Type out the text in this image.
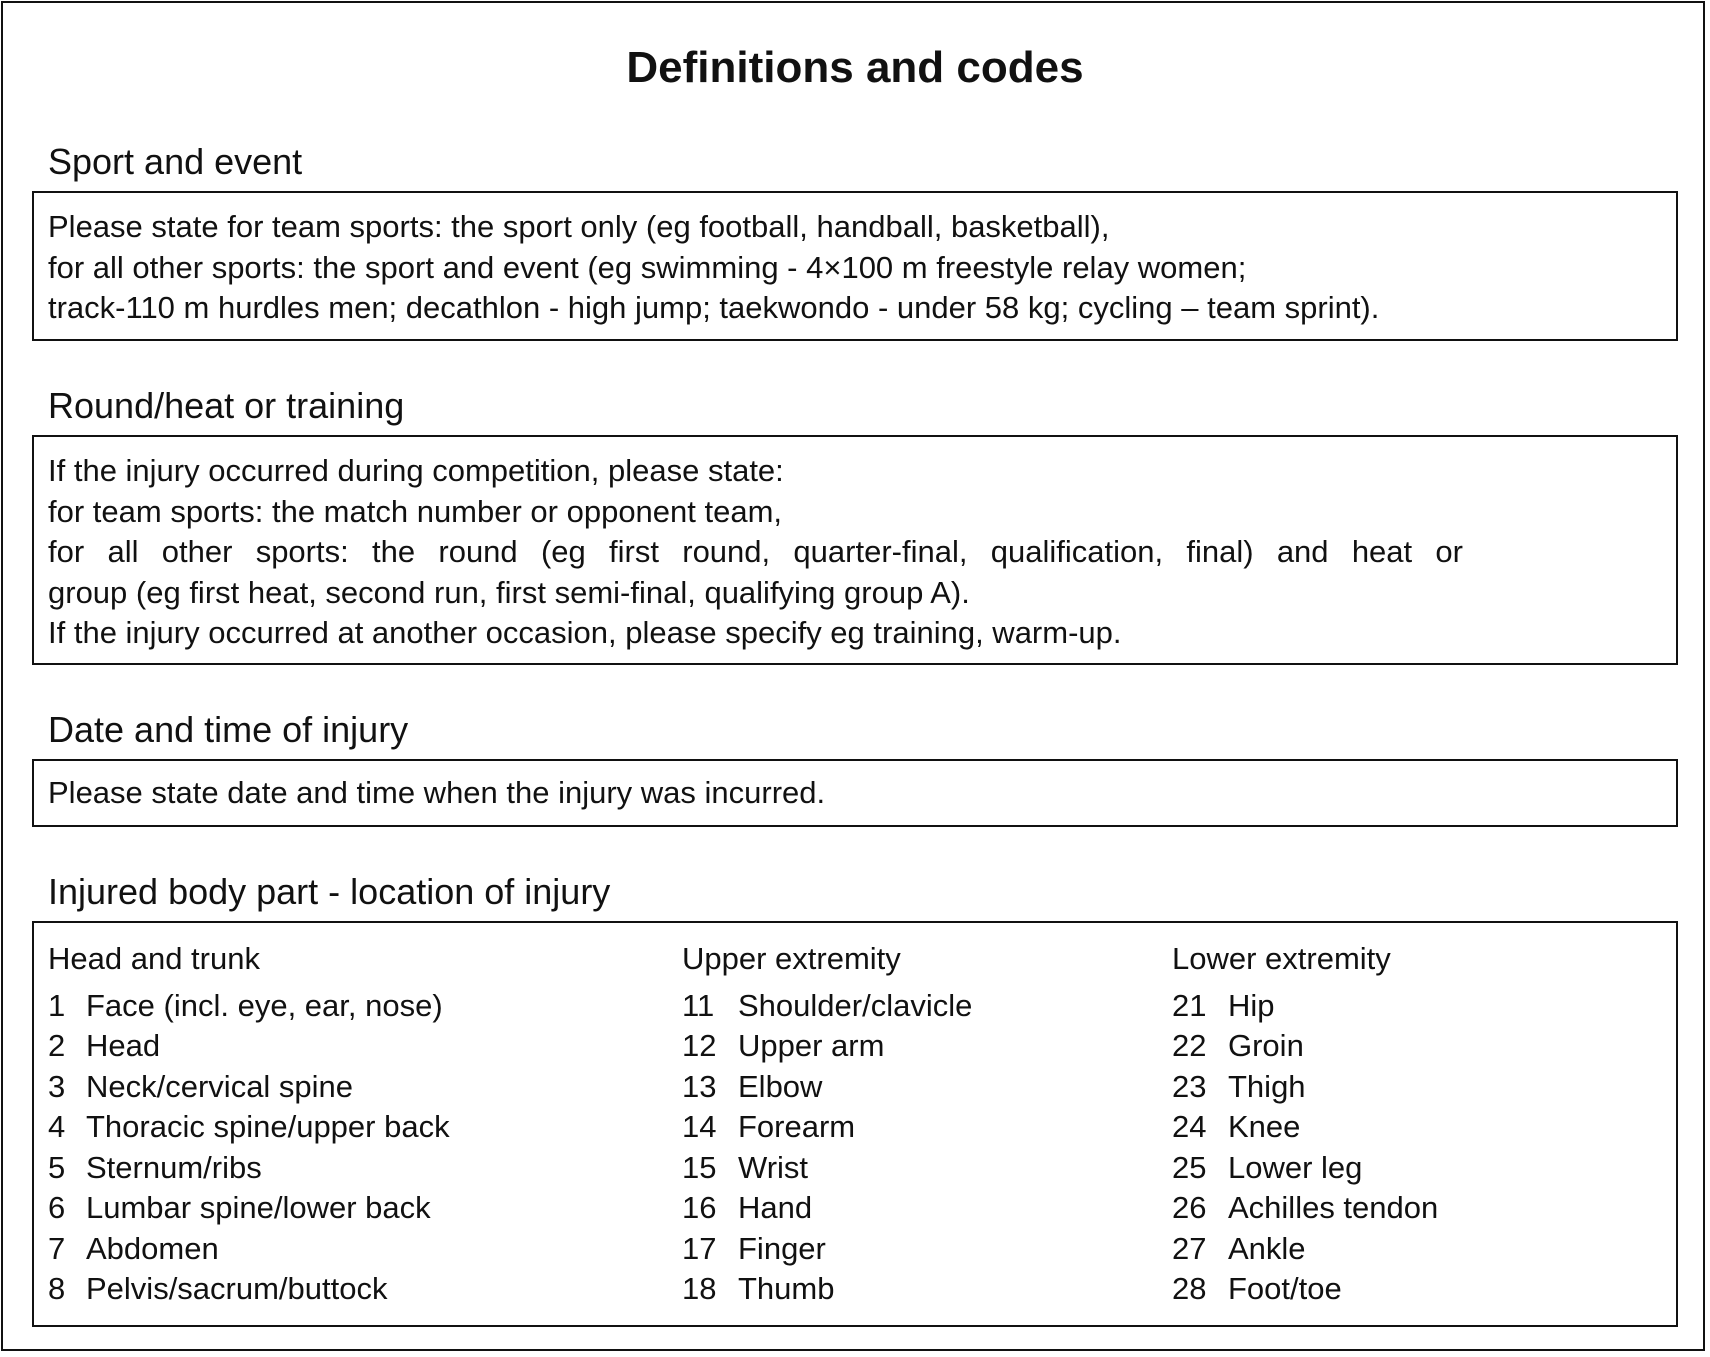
Definitions and codes
Sport and event

Please state for team sports: the sport only (eg football, handball, basketball),

for all other sports: the sport and event (eg swimming - 4×100 m freestyle relay women;

track-110 m hurdles men; decathlon - high jump; taekwondo - under 58 kg; cycling – team sprint).

Round/heat or training

If the injury occurred during competition, please state:

for team sports: the match number or opponent team,

for all other sports: the round (eg first round, quarter-final, qualification, final) and heat or

group (eg first heat, second run, first semi-final, qualifying group A).

If the injury occurred at another occasion, please specify eg training, warm-up.

Date and time of injury

Please state date and time when the injury was incurred.

Injured body part - location of injury
Head and trunk
1 Face (incl. eye, ear, nose)
2 Head
3 Neck/cervical spine
4 Thoracic spine/upper back
5 Sternum/ribs
6 Lumbar spine/lower back
7 Abdomen
8 Pelvis/sacrum/buttock
Upper extremity
11 Shoulder/clavicle
12 Upper arm
13 Elbow
14 Forearm
15 Wrist
16 Hand
17 Finger
18 Thumb
Lower extremity
21 Hip
22 Groin
23 Thigh
24 Knee
25 Lower leg
26 Achilles tendon
27 Ankle
28 Foot/toe
